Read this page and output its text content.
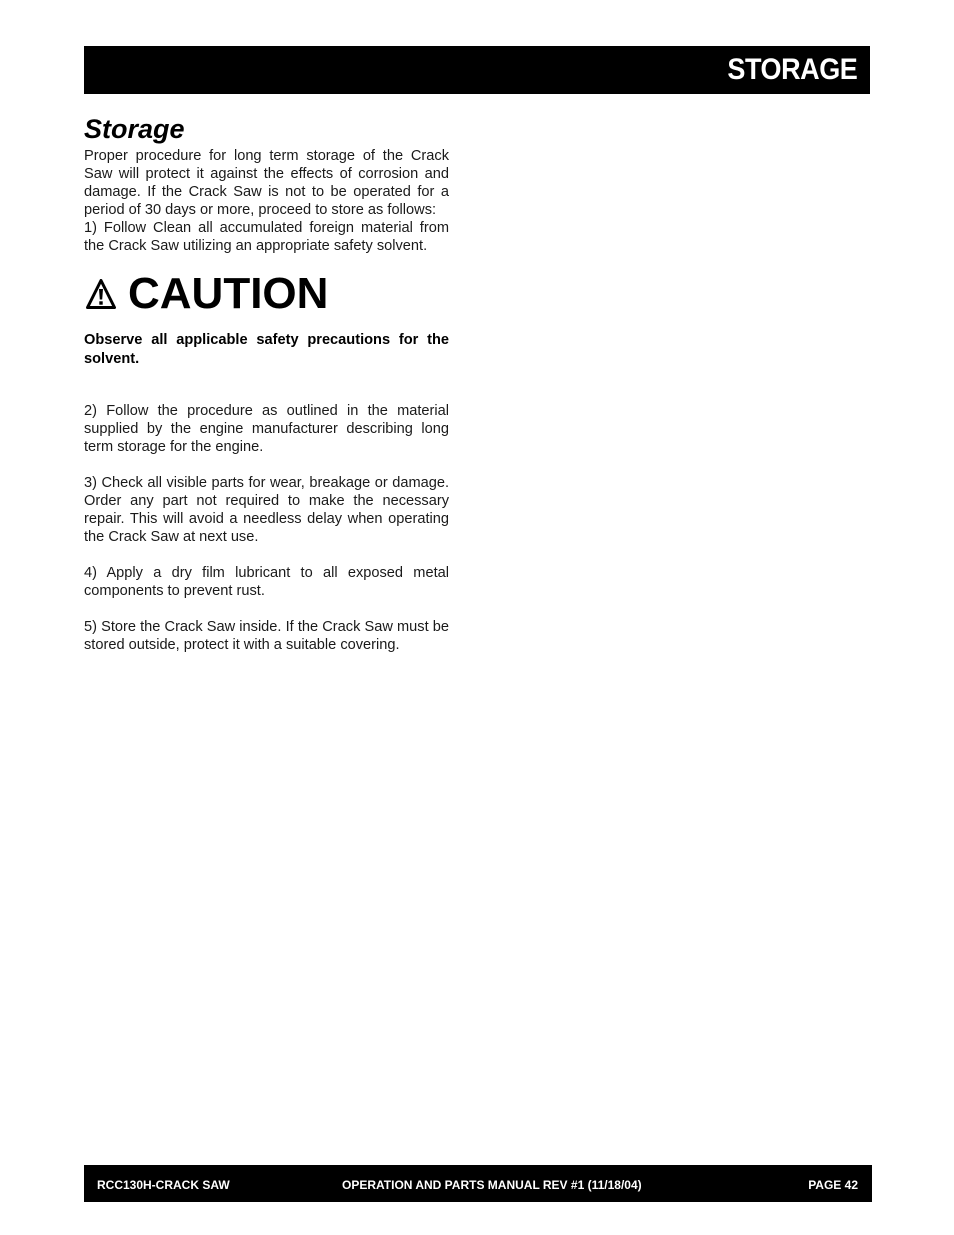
STORAGE
Storage

Proper procedure for long term storage of the Crack Saw will protect it against the effects of corrosion and damage. If the Crack Saw is not to be operated for a period of 30 days or more, proceed to store as follows:

1) Follow Clean all accumulated foreign material from the Crack Saw utilizing an appropriate safety solvent.

CAUTION

Observe all applicable safety precautions for the solvent.

2) Follow the procedure as outlined in the material supplied by the engine manufacturer describing long term storage for the engine.

3) Check all visible parts for wear, breakage or damage. Order any part not required to make the necessary repair. This will avoid a needless delay when operating the Crack Saw at next use.

4) Apply a dry film lubricant to all exposed metal components to prevent rust.

5) Store the Crack Saw inside. If the Crack Saw must be stored outside, protect it with a suitable covering.

RCC130H-CRACK SAW	OPERATION AND PARTS MANUAL REV #1 (11/18/04)	PAGE 42
